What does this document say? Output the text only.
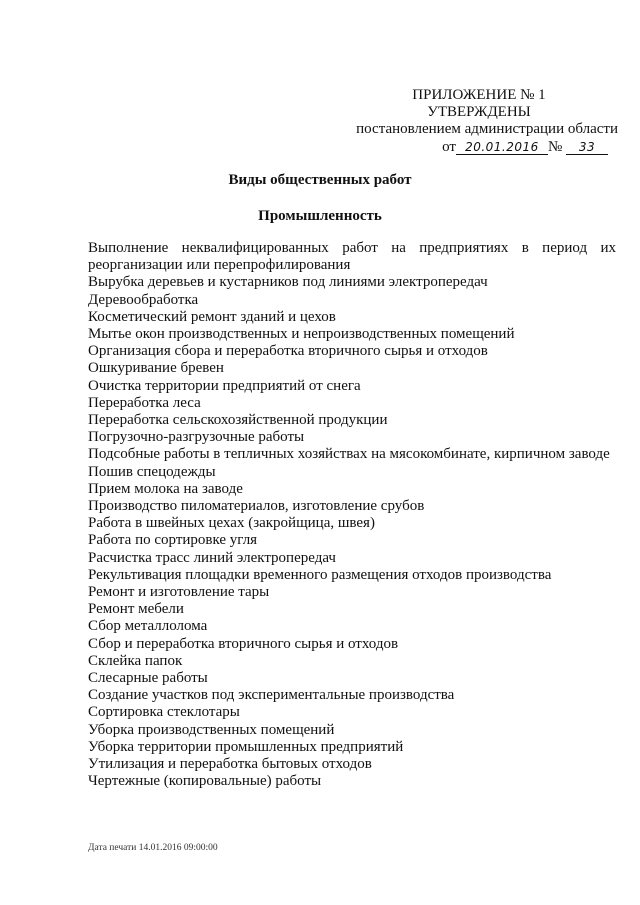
ПРИЛОЖЕНИЕ № 1
УТВЕРЖДЕНЫ
постановлением администрации области
от 20.01.2016 № 33
Виды общественных работ
Промышленность
Выполнение неквалифицированных работ на предприятиях в период их реорганизации или перепрофилирования
Вырубка деревьев и кустарников под линиями электропередач
Деревообработка
Косметический ремонт зданий и цехов
Мытье окон производственных и непроизводственных помещений
Организация сбора и переработка вторичного сырья и отходов
Ошкуривание бревен
Очистка территории предприятий от снега
Переработка леса
Переработка сельскохозяйственной продукции
Погрузочно-разгрузочные работы
Подсобные работы в тепличных хозяйствах на мясокомбинате, кирпичном заводе
Пошив спецодежды
Прием молока на заводе
Производство пиломатериалов, изготовление срубов
Работа в швейных цехах (закройщица, швея)
Работа по сортировке угля
Расчистка трасс линий электропередач
Рекультивация площадки временного размещения отходов производства
Ремонт и изготовление тары
Ремонт мебели
Сбор металлолома
Сбор и переработка вторичного сырья и отходов
Склейка папок
Слесарные работы
Создание участков под экспериментальные производства
Сортировка стеклотары
Уборка производственных помещений
Уборка территории промышленных предприятий
Утилизация и переработка бытовых отходов
Чертежные (копировальные) работы
Дата печати 14.01.2016 09:00:00
